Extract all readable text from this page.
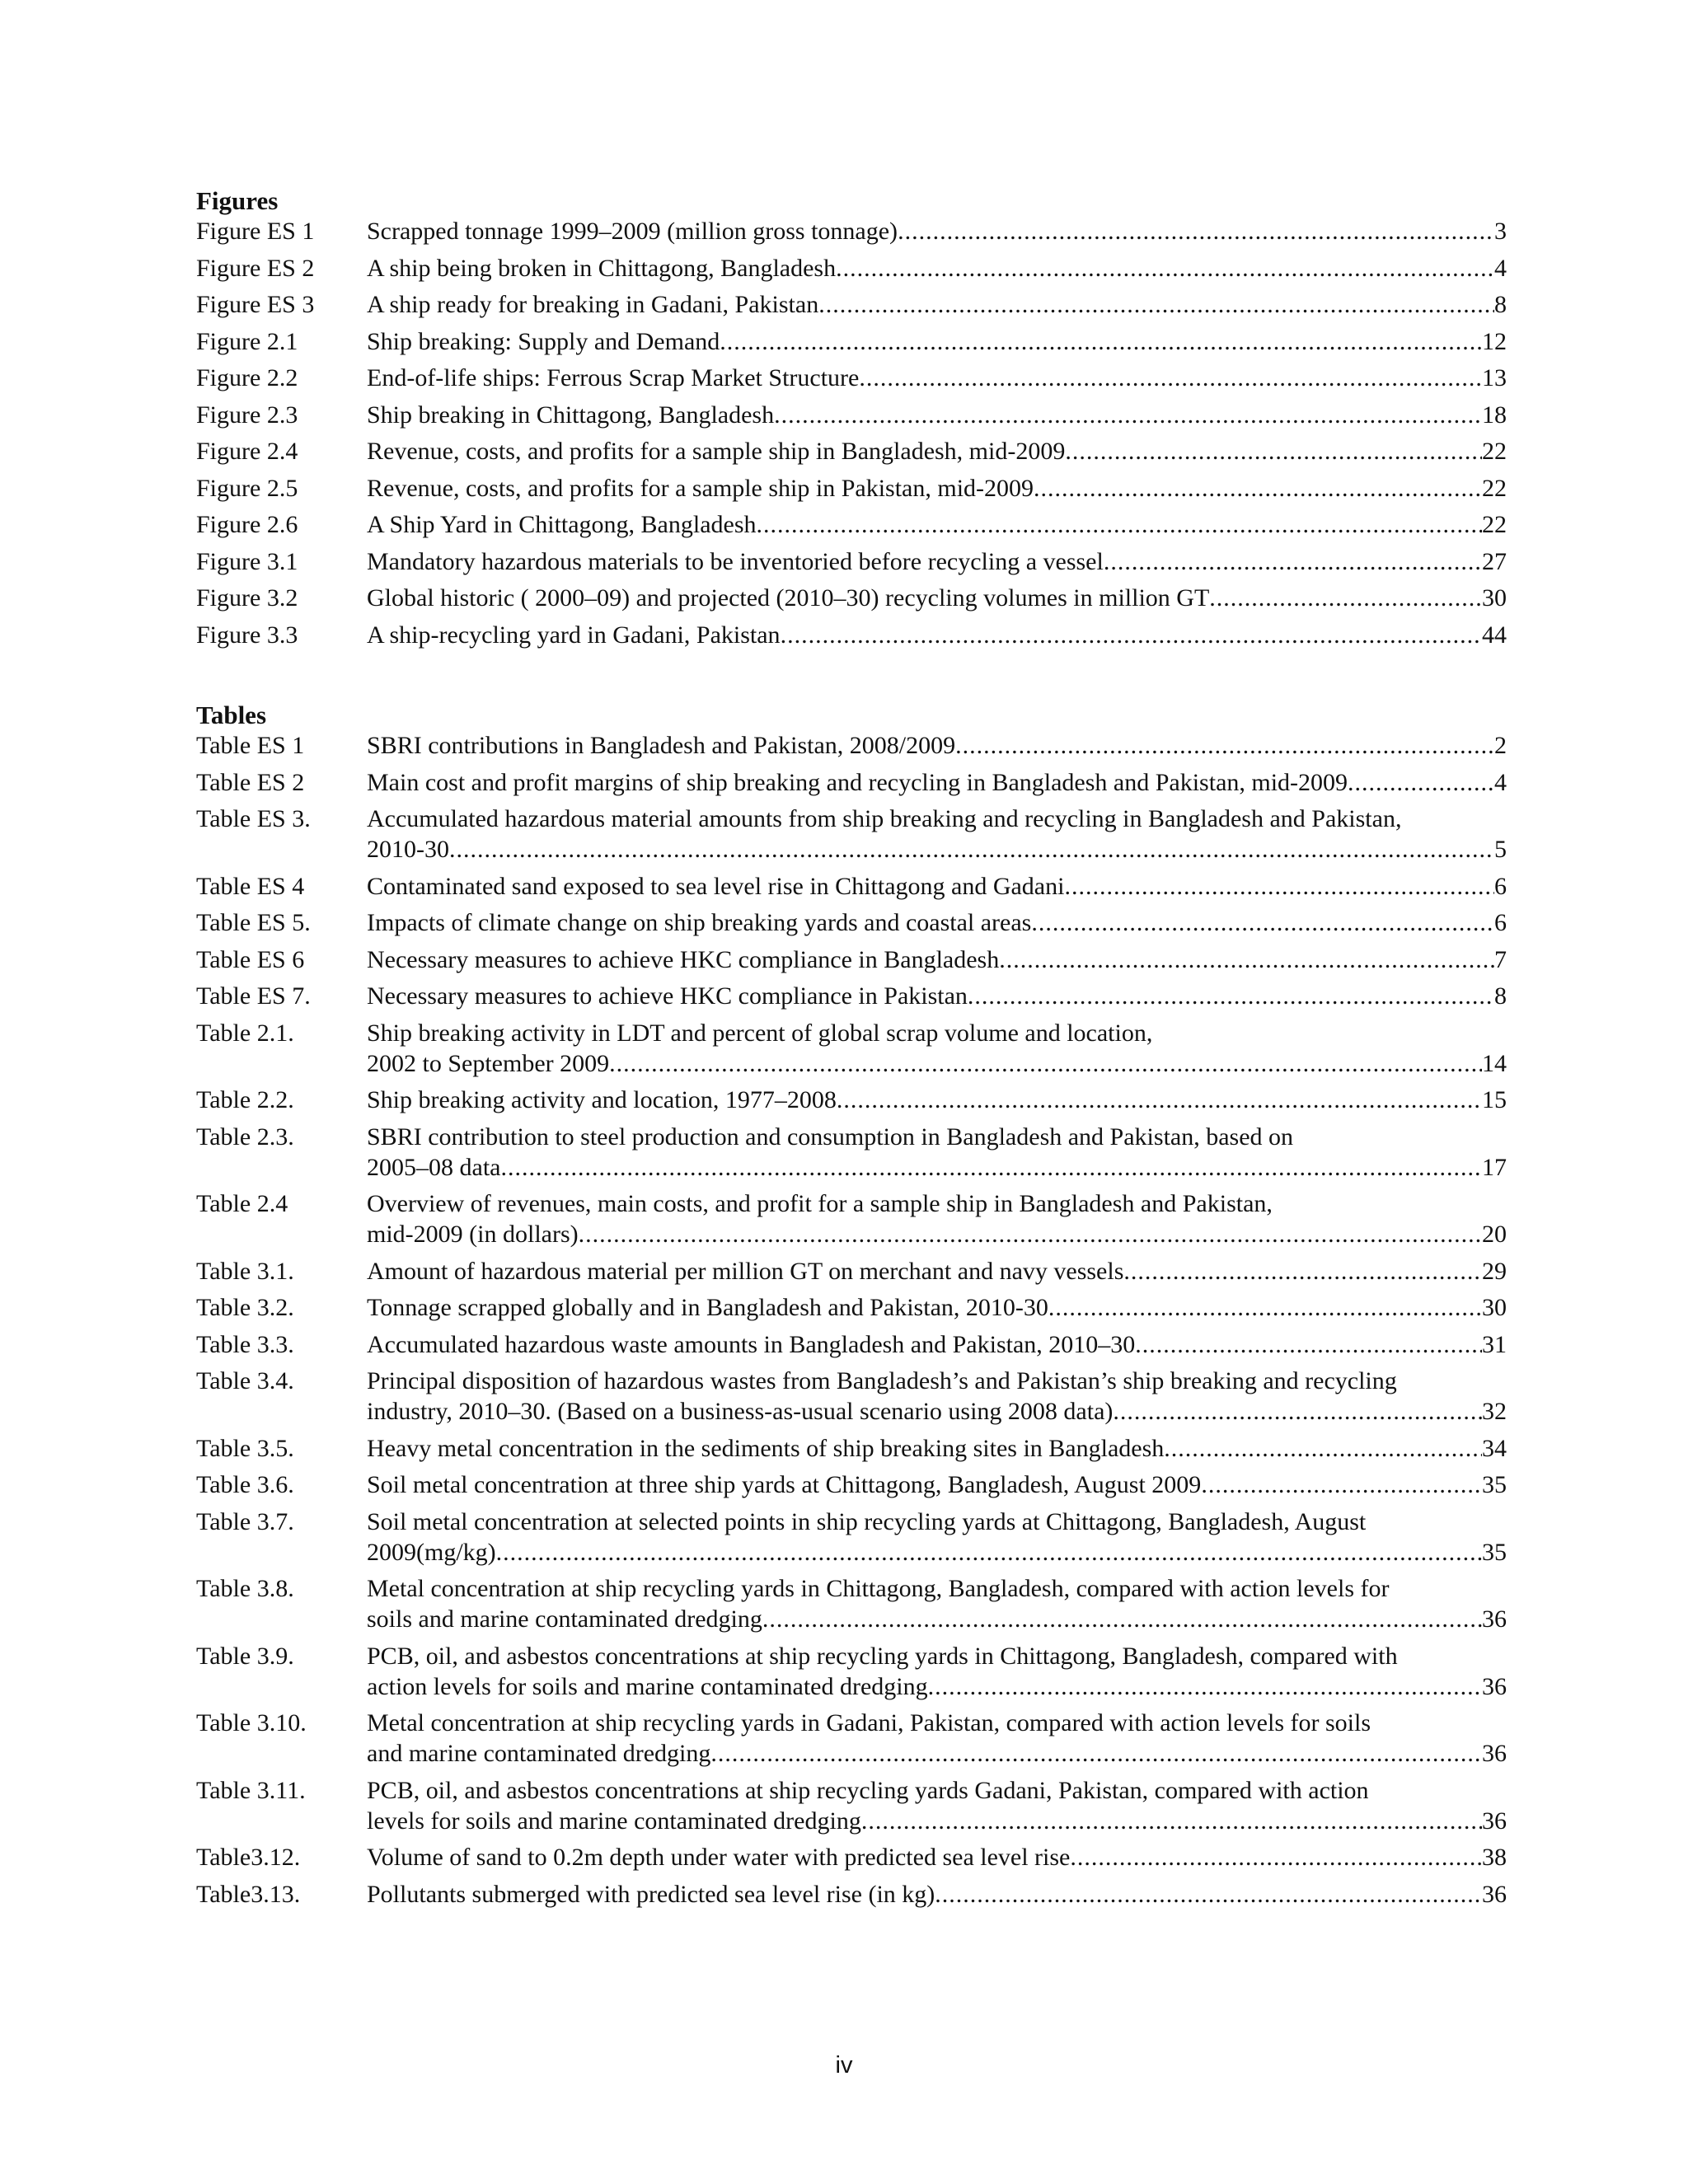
Figures
Figure ES 1	Scrapped tonnage 1999–2009 (million gross tonnage) .....	3
Figure ES 2	A ship being broken in Chittagong, Bangladesh .....	4
Figure ES 3	A ship ready for breaking in Gadani, Pakistan .....	8
Figure 2.1	Ship breaking: Supply and Demand .....	12
Figure 2.2	End-of-life ships: Ferrous Scrap Market Structure .....	13
Figure 2.3	Ship breaking in Chittagong, Bangladesh .....	18
Figure 2.4	Revenue, costs, and profits for a sample ship in Bangladesh, mid-2009 .....	22
Figure 2.5	Revenue, costs, and profits for a sample ship in Pakistan, mid-2009 .....	22
Figure 2.6	A Ship Yard in Chittagong, Bangladesh .....	22
Figure 3.1	Mandatory hazardous materials to be inventoried before recycling a vessel .....	27
Figure 3.2	Global historic ( 2000–09) and projected (2010–30) recycling volumes in million GT .....	30
Figure 3.3	A ship-recycling yard in Gadani, Pakistan .....	44
Tables
Table ES 1	SBRI contributions in Bangladesh and Pakistan, 2008/2009 .....	2
Table ES 2	Main cost and profit margins of ship breaking and recycling in Bangladesh and Pakistan, mid-2009 .....	4
Table ES 3.	Accumulated hazardous material amounts from ship breaking and recycling in Bangladesh and Pakistan,
2010-30 .....	5
Table ES 4	Contaminated sand exposed to sea level rise in Chittagong and Gadani .....	6
Table ES 5.	Impacts of climate change on ship breaking yards and coastal areas .....	6
Table ES 6	Necessary measures to achieve HKC compliance in Bangladesh .....	7
Table ES 7.	Necessary measures to achieve HKC compliance in Pakistan .....	8
Table 2.1.	Ship breaking activity in LDT and percent of global scrap volume and location,
2002 to September 2009 .....	14
Table 2.2.	Ship breaking activity and location, 1977–2008 .....	15
Table 2.3.	SBRI contribution to steel production and consumption in Bangladesh and Pakistan, based on
2005–08 data .....	17
Table 2.4	Overview of revenues, main costs, and profit for a sample ship in Bangladesh and Pakistan,
mid-2009 (in dollars) .....	20
Table 3.1.	Amount of hazardous material per million GT on merchant and navy vessels .....	29
Table 3.2.	Tonnage scrapped globally and in Bangladesh and Pakistan, 2010-30 .....	30
Table 3.3.	Accumulated hazardous waste amounts in Bangladesh and Pakistan, 2010–30 .....	31
Table 3.4.	Principal disposition of hazardous wastes from Bangladesh’s and Pakistan’s ship breaking and recycling
industry, 2010–30. (Based on a business-as-usual scenario using 2008 data) .....	32
Table 3.5.	Heavy metal concentration in the sediments of ship breaking sites in Bangladesh .....	34
Table 3.6.	Soil metal concentration at three ship yards at Chittagong, Bangladesh, August 2009 .....	35
Table 3.7.	Soil metal concentration at selected points in ship recycling yards at Chittagong, Bangladesh, August
2009(mg/kg) .....	35
Table 3.8.	Metal concentration at ship recycling yards in Chittagong, Bangladesh, compared with action levels for
soils and marine contaminated dredging .....	36
Table 3.9.	PCB, oil, and asbestos concentrations at ship recycling yards in Chittagong, Bangladesh, compared with
action levels for soils and marine contaminated dredging .....	36
Table 3.10.	Metal concentration at ship recycling yards in Gadani, Pakistan, compared with action levels for soils
and marine contaminated dredging .....	36
Table 3.11.	PCB, oil, and asbestos concentrations at ship recycling yards Gadani, Pakistan, compared with action
levels for soils and marine contaminated dredging .....	36
Table3.12.	Volume of sand to 0.2m depth under water with predicted sea level rise .....	38
Table3.13.	Pollutants submerged with predicted sea level rise (in kg) .....	36
iv
